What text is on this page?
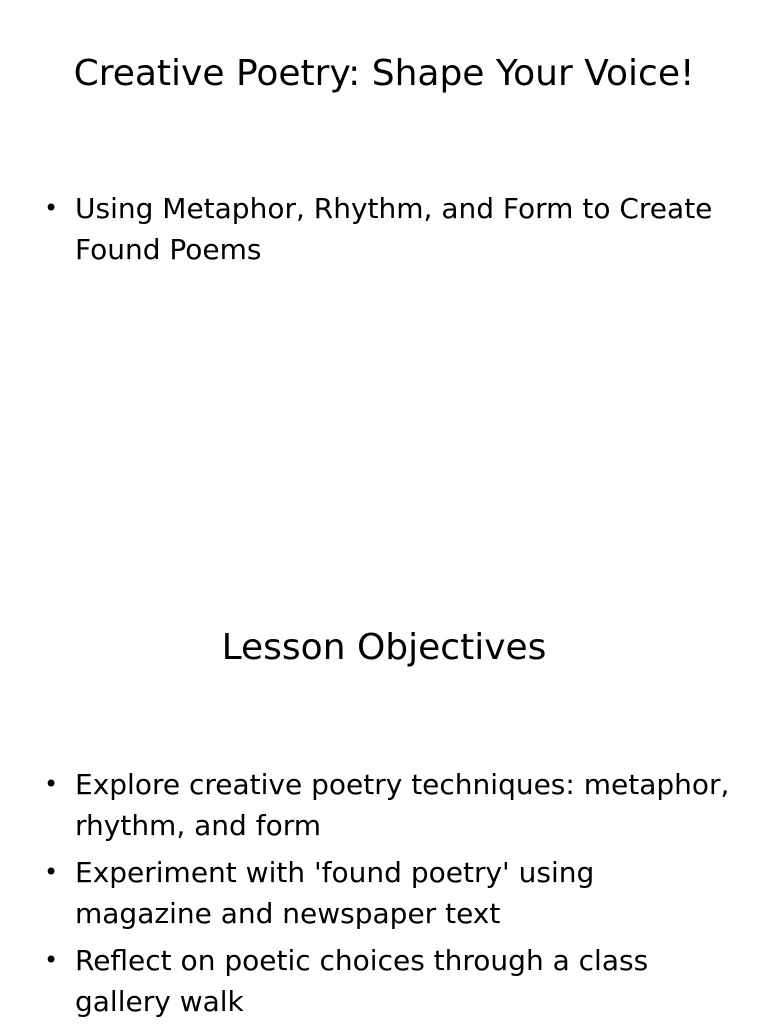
Creative Poetry: Shape Your Voice!
• Using Metaphor, Rhythm, and Form to Create Found Poems
Lesson Objectives
• Explore creative poetry techniques: metaphor, rhythm, and form
• Experiment with 'found poetry' using magazine and newspaper text
• Reflect on poetic choices through a class gallery walk
